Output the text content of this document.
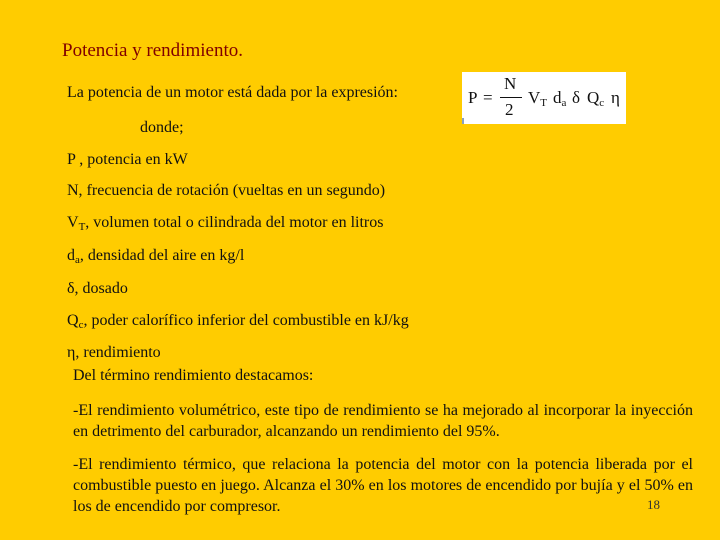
Potencia y rendimiento.
La potencia de un motor está dada por la expresión:	P =
N
2
$V_T$ $d_a$ δ $Q_c$ η
donde;
P , potencia en kW
N, frecuencia de rotación (vueltas en un segundo)
$V_T$, volumen total o cilindrada del motor en litros
$d_a$, densidad del aire en kg/l
δ, dosado
$Q_c$, poder calorífico inferior del combustible en kJ/kg
η, rendimiento
Del término rendimiento destacamos:
-El rendimiento volumétrico, este tipo de rendimiento se ha mejorado al incorporar la inyección en detrimento del carburador, alcanzando un rendimiento del 95%.
-El rendimiento térmico, que relaciona la potencia del motor con la potencia liberada por el combustible puesto en juego. Alcanza el 30% en los motores de encendido por bujía y el 50% en los de encendido por compresor.	18
